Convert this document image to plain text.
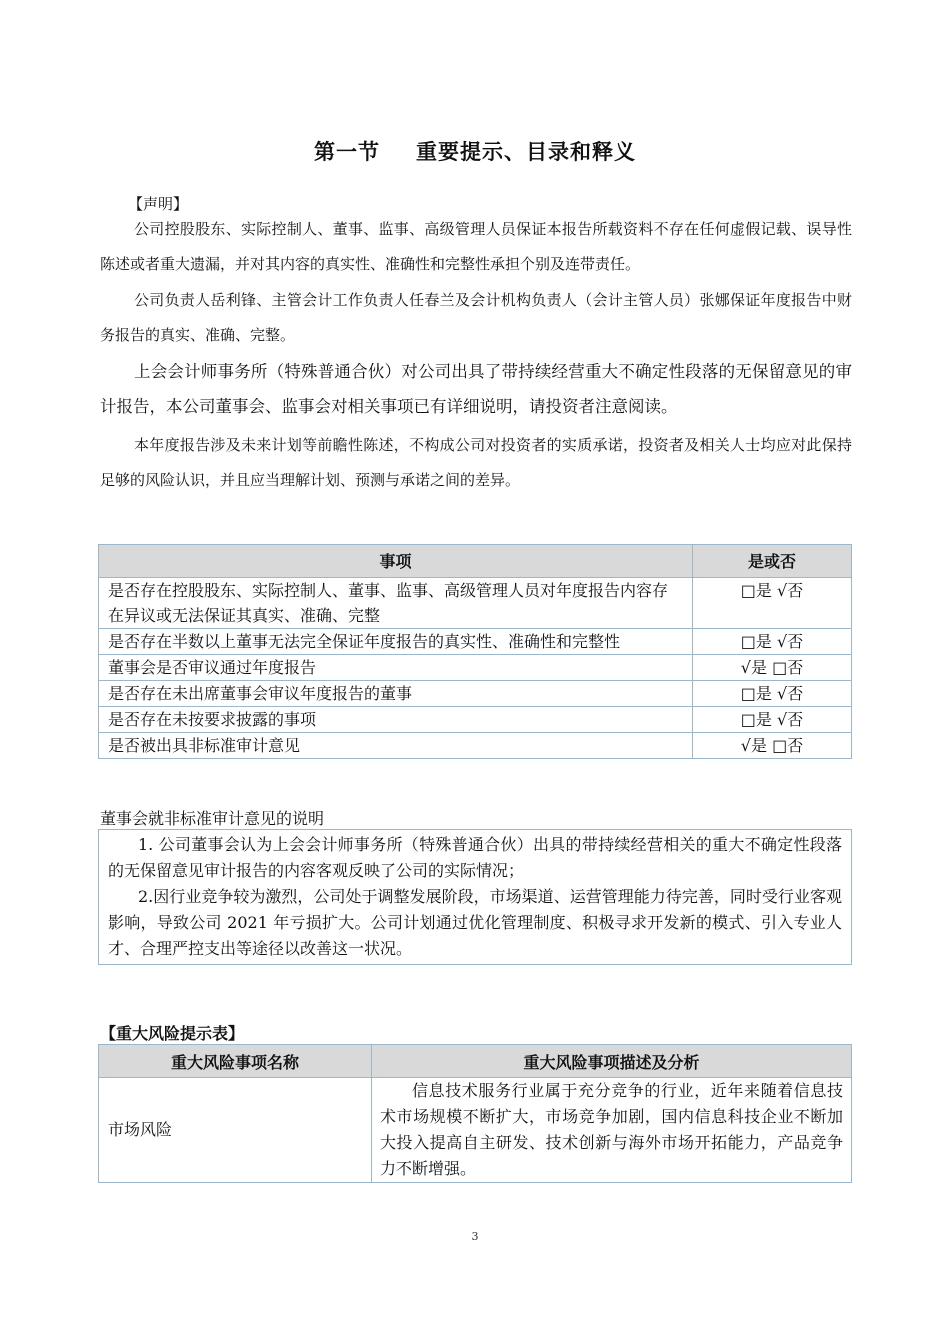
第一节 重要提示、目录和释义
【声明】

公司控股股东、实际控制人、董事、监事、高级管理人员保证本报告所载资料不存在任何虚假记载、误导性陈述或者重大遗漏，并对其内容的真实性、准确性和完整性承担个别及连带责任。

公司负责人岳利锋、主管会计工作负责人任春兰及会计机构负责人（会计主管人员）张娜保证年度报告中财务报告的真实、准确、完整。

上会会计师事务所（特殊普通合伙）对公司出具了带持续经营重大不确定性段落的无保留意见的审计报告，本公司董事会、监事会对相关事项已有详细说明，请投资者注意阅读。

本年度报告涉及未来计划等前瞻性陈述，不构成公司对投资者的实质承诺，投资者及相关人士均应对此保持足够的风险认识，并且应当理解计划、预测与承诺之间的差异。

事项	是或否
是否存在控股股东、实际控制人、董事、监事、高级管理人员对年度报告内容存在异议或无法保证其真实、准确、完整	□是 √否
是否存在半数以上董事无法完全保证年度报告的真实性、准确性和完整性	□是 √否
董事会是否审议通过年度报告	√是 □否
是否存在未出席董事会审议年度报告的董事	□是 √否
是否存在未按要求披露的事项	□是 √否
是否被出具非标准审计意见	√是 □否
董事会就非标准审计意见的说明

1. 公司董事会认为上会会计师事务所（特殊普通合伙）出具的带持续经营相关的重大不确定性段落的无保留意见审计报告的内容客观反映了公司的实际情况；

2.因行业竞争较为激烈，公司处于调整发展阶段，市场渠道、运营管理能力待完善，同时受行业客观影响，导致公司 2021 年亏损扩大。公司计划通过优化管理制度、积极寻求开发新的模式、引入专业人才、合理严控支出等途径以改善这一状况。

【重大风险提示表】
重大风险事项名称	重大风险事项描述及分析
市场风险	信息技术服务行业属于充分竞争的行业，近年来随着信息技术市场规模不断扩大，市场竞争加剧，国内信息科技企业不断加大投入提高自主研发、技术创新与海外市场开拓能力，产品竞争力不断增强。
3
